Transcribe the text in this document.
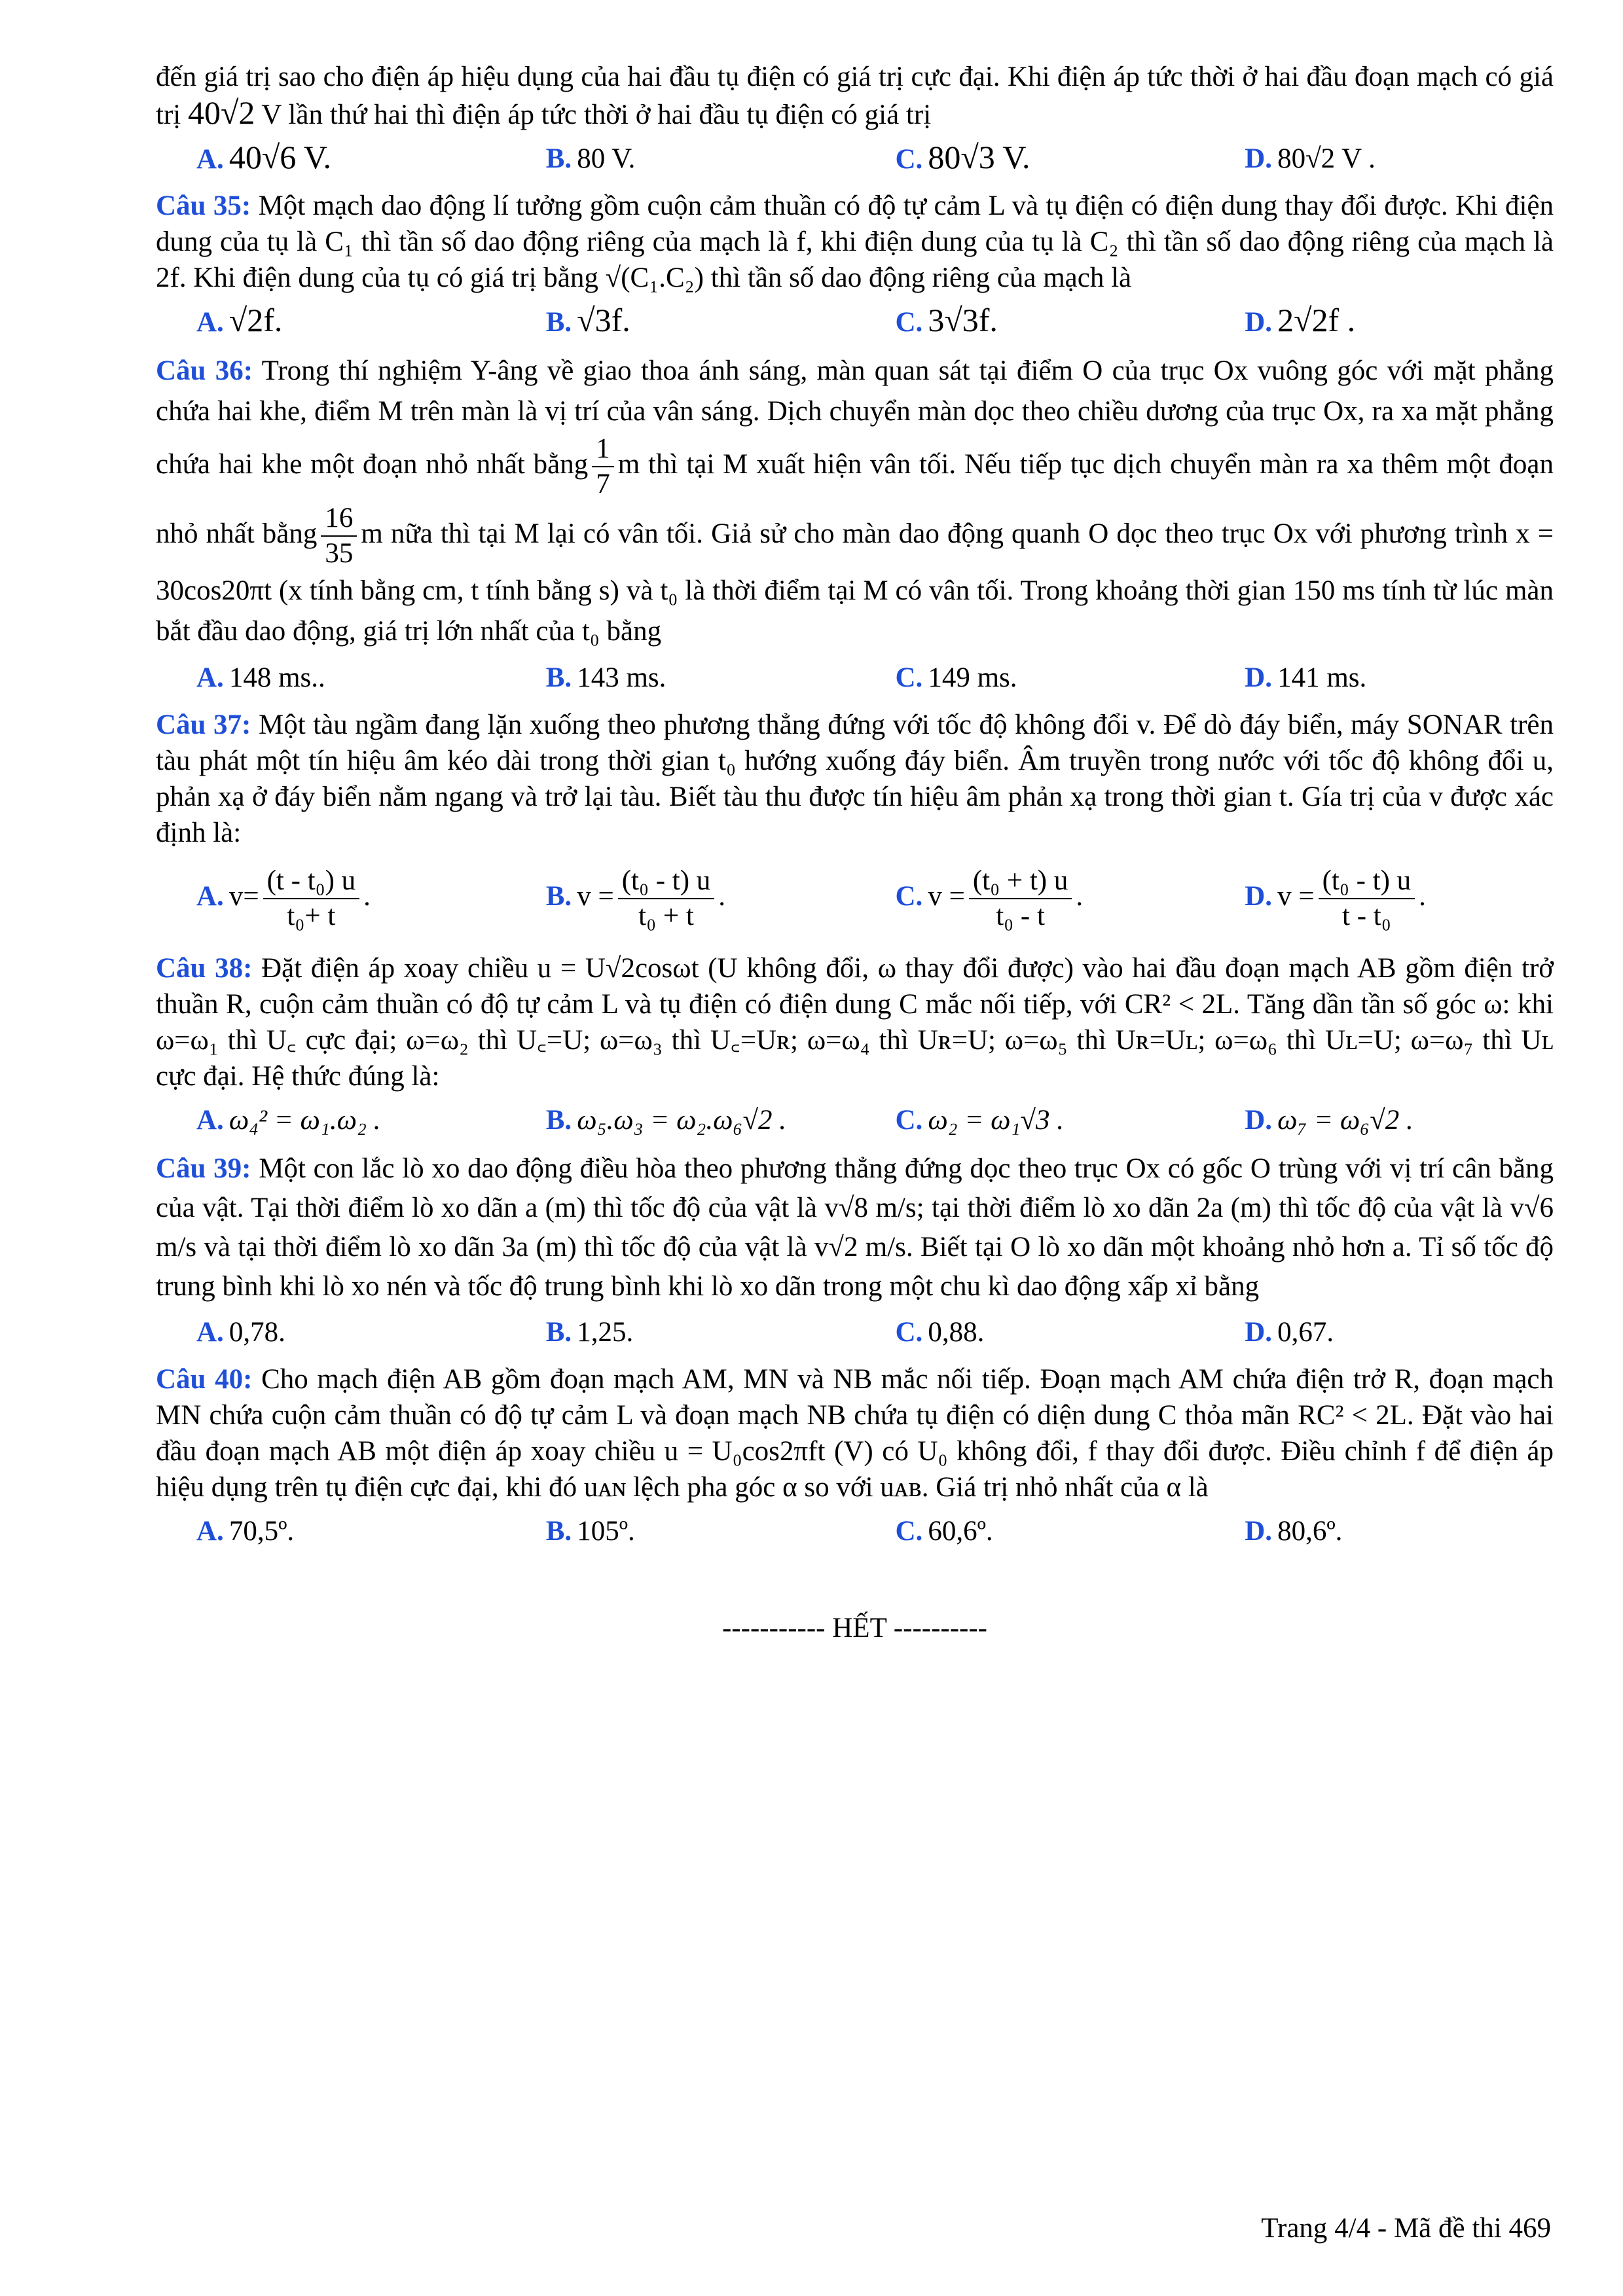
đến giá trị sao cho điện áp hiệu dụng của hai đầu tụ điện có giá trị cực đại. Khi điện áp tức thời ở hai đầu đoạn mạch có giá trị 40√2 V lần thứ hai thì điện áp tức thời ở hai đầu tụ điện có giá trị

A. 40√6 V.	B. 80 V.	C. 80√3 V.	D. 80√2 V .

Câu 35: Một mạch dao động lí tưởng gồm cuộn cảm thuần có độ tự cảm L và tụ điện có điện dung thay đổi được. Khi điện dung của tụ là C₁ thì tần số dao động riêng của mạch là f, khi điện dung của tụ là C₂ thì tần số dao động riêng của mạch là 2f. Khi điện dung của tụ có giá trị bằng √(C₁.C₂) thì tần số dao động riêng của mạch là

A. √2f.	B. √3f.	C. 3√3f.	D. 2√2f .

Câu 36: Trong thí nghiệm Y-âng về giao thoa ánh sáng, màn quan sát tại điểm O của trục Ox vuông góc với mặt phẳng chứa hai khe, điểm M trên màn là vị trí của vân sáng. Dịch chuyển màn dọc theo chiều dương của trục Ox, ra xa mặt phẳng chứa hai khe một đoạn nhỏ nhất bằng $\frac{1}{7}$ m thì tại M xuất hiện vân tối. Nếu tiếp tục dịch chuyển màn ra xa thêm một đoạn nhỏ nhất bằng $\frac{16}{35}$ m nữa thì tại M lại có vân tối. Giả sử cho màn dao động quanh O dọc theo trục Ox với phương trình x = 30cos20πt (x tính bằng cm, t tính bằng s) và t₀ là thời điểm tại M có vân tối. Trong khoảng thời gian 150 ms tính từ lúc màn bắt đầu dao động, giá trị lớn nhất của t₀ bằng

A. 148 ms..	B. 143 ms.	C. 149 ms.	D. 141 ms.

Câu 37: Một tàu ngầm đang lặn xuống theo phương thẳng đứng với tốc độ không đổi v. Để dò đáy biển, máy SONAR trên tàu phát một tín hiệu âm kéo dài trong thời gian t₀ hướng xuống đáy biển. Âm truyền trong nước với tốc độ không đổi u, phản xạ ở đáy biển nằm ngang và trở lại tàu. Biết tàu thu được tín hiệu âm phản xạ trong thời gian t. Gía trị của v được xác định là:

A. $v= \frac{\text{(t - t₀) u}}{\text{t₀+ t}}$ .	B. $v = \frac{\text{(t₀ - t) u}}{\text{t₀ + t}}$ .	C. $v = \frac{\text{(t₀ + t) u}}{\text{t₀ - t}}$ .	D. $v = \frac{\text{(t₀ - t) u}}{\text{t - t₀}}$ .

Câu 38: Đặt điện áp xoay chiều u = U√2cosωt (U không đổi, ω thay đổi được) vào hai đầu đoạn mạch AB gồm điện trở thuần R, cuộn cảm thuần có độ tự cảm L và tụ điện có điện dung C mắc nối tiếp, với CR² < 2L. Tăng dần tần số góc ω: khi ω=ω₁ thì U꜀ cực đại; ω=ω₂ thì U꜀=U; ω=ω₃ thì U꜀=Uʀ; ω=ω₄ thì Uʀ=U; ω=ω₅ thì Uʀ=Uʟ; ω=ω₆ thì Uʟ=U; ω=ω₇ thì Uʟ cực đại. Hệ thức đúng là:

A. ω₄² = ω₁.ω₂ .	B. ω₅.ω₃ = ω₂.ω₆√2 .	C. ω₂ = ω₁√3 .	D. ω₇ = ω₆√2 .

Câu 39: Một con lắc lò xo dao động điều hòa theo phương thẳng đứng dọc theo trục Ox có gốc O trùng với vị trí cân bằng của vật. Tại thời điểm lò xo dãn a (m) thì tốc độ của vật là v√8 m/s; tại thời điểm lò xo dãn 2a (m) thì tốc độ của vật là v√6 m/s và tại thời điểm lò xo dãn 3a (m) thì tốc độ của vật là v√2 m/s. Biết tại O lò xo dãn một khoảng nhỏ hơn a. Tỉ số tốc độ trung bình khi lò xo nén và tốc độ trung bình khi lò xo dãn trong một chu kì dao động xấp xỉ bằng

A. 0,78.	B. 1,25.	C. 0,88.	D. 0,67.

Câu 40: Cho mạch điện AB gồm đoạn mạch AM, MN và NB mắc nối tiếp. Đoạn mạch AM chứa điện trở R, đoạn mạch MN chứa cuộn cảm thuần có độ tự cảm L và đoạn mạch NB chứa tụ điện có diện dung C thỏa mãn RC² < 2L. Đặt vào hai đầu đoạn mạch AB một điện áp xoay chiều u = U₀cos2πft (V) có U₀ không đổi, f thay đổi được. Điều chỉnh f để điện áp hiệu dụng trên tụ điện cực đại, khi đó uᴀɴ lệch pha góc α so với uᴀʙ. Giá trị nhỏ nhất của α là

A. 70,5º.	B. 105º.	C. 60,6º.	D. 80,6º.
----------- HẾT ----------
Trang 4/4 - Mã đề thi 469
